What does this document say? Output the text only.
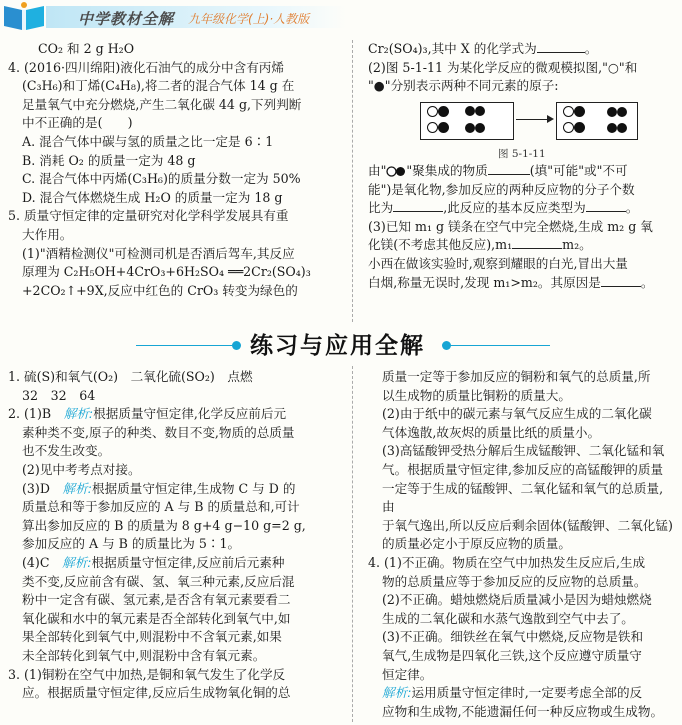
中学教材全解 九年级化学(上)·人教版

CO₂ 和 2 g H₂O

4. (2016·四川绵阳)液化石油气的成分中含有丙烯

(C₃H₆)和丁烯(C₄H₈),将二者的混合气体 14 g 在

足量氧气中充分燃烧,产生二氧化碳 44 g,下列判断

中不正确的是(　　)

A. 混合气体中碳与氢的质量之比一定是 6∶1

B. 消耗 O₂ 的质量一定为 48 g

C. 混合气体中丙烯(C₃H₆)的质量分数一定为 50%

D. 混合气体燃烧生成 H₂O 的质量一定为 18 g

5. 质量守恒定律的定量研究对化学科学发展具有重

大作用。

(1)"酒精检测仪"可检测司机是否酒后驾车,其反应

原理为 C₂H₅OH+4CrO₃+6H₂SO₄ ══2Cr₂(SO₄)₃

+2CO₂↑+9X,反应中红色的 CrO₃ 转变为绿色的

Cr₂(SO₄)₃,其中 X 的化学式为	。

(2)图 5-1-11 为某化学反应的微观模拟图,"○"和

"●"分别表示两种不同元素的原子:

图 5-1-11

由" "聚集成的物质	(填"可能"或"不可

能")是氧化物,参加反应的两种反应物的分子个数

比为	,此反应的基本反应类型为	。

(3)已知 m₁ g 镁条在空气中完全燃烧,生成 m₂ g 氧

化镁(不考虑其他反应),m₁	m₂。

小西在做该实验时,观察到耀眼的白光,冒出大量

白烟,称量无误时,发现 m₁>m₂。其原因是	。

练习与应用全解

1. 硫(S)和氧气(O₂)　二氧化硫(SO₂)　点燃

32　32　64

2. (1)B　解析:根据质量守恒定律,化学反应前后元

素种类不变,原子的种类、数目不变,物质的总质量

也不发生改变。

(2)见中考考点对接。

(3)D　解析:根据质量守恒定律,生成物 C 与 D 的

质量总和等于参加反应的 A 与 B 的质量总和,可计

算出参加反应的 B 的质量为 8 g+4 g−10 g=2 g,

参加反应的 A 与 B 的质量比为 5∶1。

(4)C　解析:根据质量守恒定律,反应前后元素种

类不变,反应前含有碳、氢、氧三种元素,反应后混

粉中一定含有碳、氢元素,是否含有氧元素要看二

氧化碳和水中的氧元素是否全部转化到氧气中,如

果全部转化到氧气中,则混粉中不含氧元素,如果

未全部转化到氧气中,则混粉中含有氧元素。

3. (1)铜粉在空气中加热,是铜和氧气发生了化学反

应。根据质量守恒定律,反应后生成物氧化铜的总

质量一定等于参加反应的铜粉和氧气的总质量,所

以生成物的质量比铜粉的质量大。

(2)由于纸中的碳元素与氧气反应生成的二氧化碳

气体逸散,故灰烬的质量比纸的质量小。

(3)高锰酸钾受热分解后生成锰酸钾、二氧化锰和氧

气。根据质量守恒定律,参加反应的高锰酸钾的质量

一定等于生成的锰酸钾、二氧化锰和氧气的总质量,由

于氧气逸出,所以反应后剩余固体(锰酸钾、二氧化锰)

的质量必定小于原反应物的质量。

4. (1)不正确。物质在空气中加热发生反应后,生成

物的总质量应等于参加反应的反应物的总质量。

(2)不正确。蜡烛燃烧后质量减小是因为蜡烛燃烧

生成的二氧化碳和水蒸气逸散到空气中去了。

(3)不正确。细铁丝在氧气中燃烧,反应物是铁和

氧气,生成物是四氧化三铁,这个反应遵守质量守

恒定律。

解析:运用质量守恒定律时,一定要考虑全部的反

应物和生成物,不能遗漏任何一种反应物或生成物。
